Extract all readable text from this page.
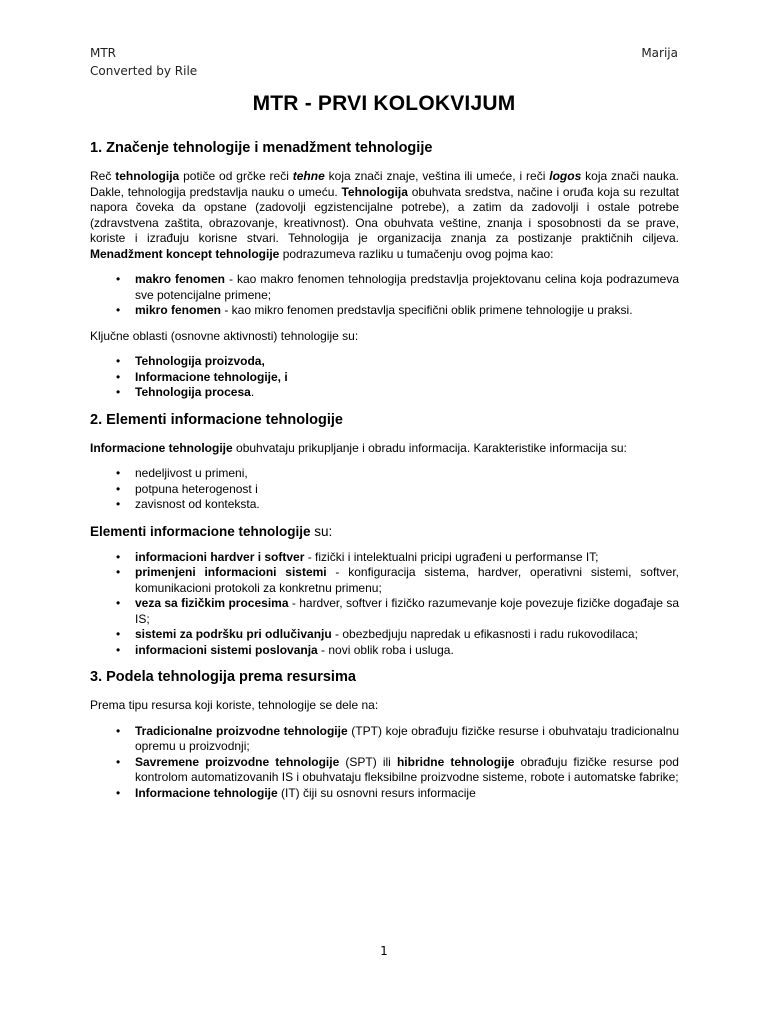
MTR
Converted by Rile
Marija
MTR - PRVI KOLOKVIJUM
1. Značenje tehnologije i menadžment tehnologije

Reč tehnologija potiče od grčke reči tehne koja znači znaje, veština ili umeće, i reči logos koja znači nauka. Dakle, tehnologija predstavlja nauku o umeću. Tehnologija obuhvata sredstva, načine i oruđa koja su rezultat napora čoveka da opstane (zadovolji egzistencijalne potrebe), a zatim da zadovolji i ostale potrebe (zdravstvena zaštita, obrazovanje, kreativnost). Ona obuhvata veštine, znanja i sposobnosti da se prave, koriste i izrađuju korisne stvari. Tehnologija je organizacija znanja za postizanje praktičnih ciljeva. Menadžment koncept tehnologije podrazumeva razliku u tumačenju ovog pojma kao:

• makro fenomen - kao makro fenomen tehnologija predstavlja projektovanu celina koja podrazumeva sve potencijalne primene;
• mikro fenomen - kao mikro fenomen predstavlja specifični oblik primene tehnologije u praksi.

Ključne oblasti (osnovne aktivnosti) tehnologije su:

• Tehnologija proizvoda,
• Informacione tehnologije, i
• Tehnologija procesa.
2. Elementi informacione tehnologije

Informacione tehnologije obuhvataju prikupljanje i obradu informacija. Karakteristike informacija su:

• nedeljivost u primeni,
• potpuna heterogenost i
• zavisnost od konteksta.
Elementi informacione tehnologije su:
• informacioni hardver i softver - fizički i intelektualni pricipi ugrađeni u performanse IT;
• primenjeni informacioni sistemi - konfiguracija sistema, hardver, operativni sistemi, softver, komunikacioni protokoli za konkretnu primenu;
• veza sa fizičkim procesima - hardver, softver i fizičko razumevanje koje povezuje fizičke događaje sa IS;
• sistemi za podršku pri odlučivanju - obezbedjuju napredak u efikasnosti i radu rukovodilaca;
• informacioni sistemi poslovanja - novi oblik roba i usluga.
3. Podela tehnologija prema resursima

Prema tipu resursa koji koriste, tehnologije se dele na:

• Tradicionalne proizvodne tehnologije (TPT) koje obrađuju fizičke resurse i obuhvataju tradicionalnu opremu u proizvodnji;
• Savremene proizvodne tehnologije (SPT) ili hibridne tehnologije obrađuju fizičke resurse pod kontrolom automatizovanih IS i obuhvataju fleksibilne proizvodne sisteme, robote i automatske fabrike;
• Informacione tehnologije (IT) čiji su osnovni resurs informacije
1
